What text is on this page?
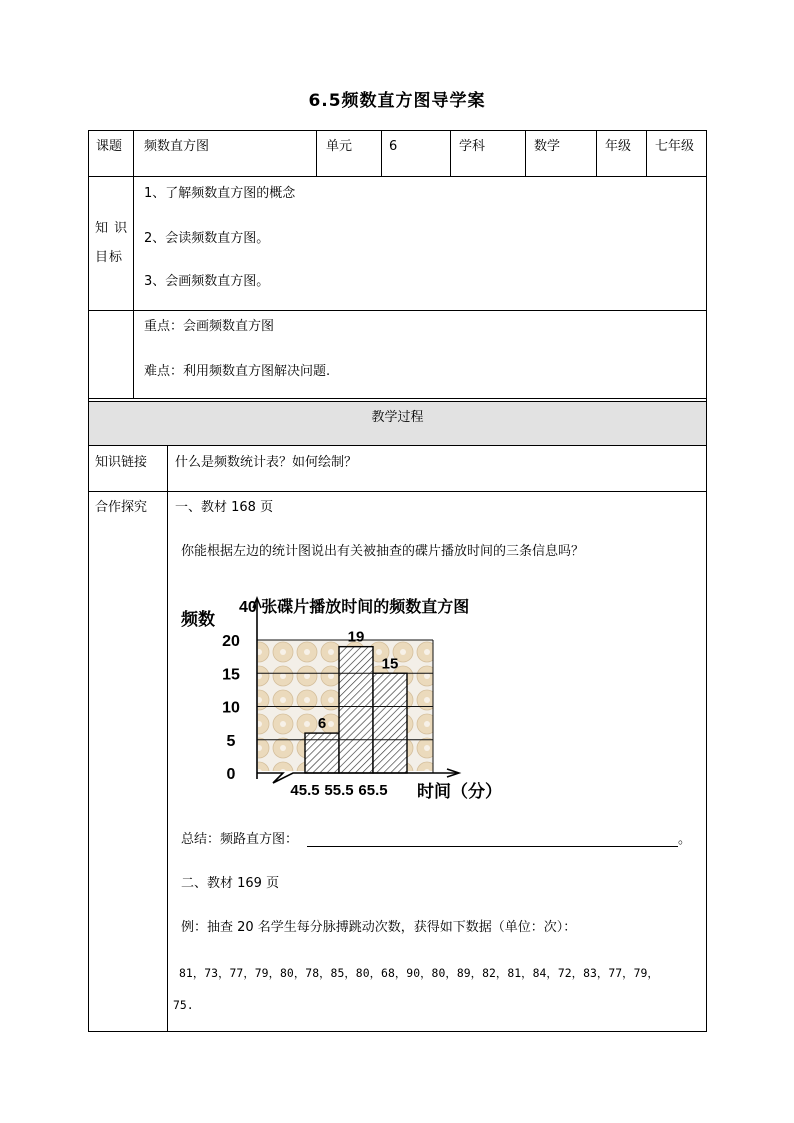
6.5频数直方图导学案
课题 频数直方图	单元	6	学科	数学	年级 七年级
知 识
目标
1、了解频数直方图的概念
2、会读频数直方图。
3、会画频数直方图。
重点：会画频数直方图
难点：利用频数直方图解决问题.
教学过程
知识链接 什么是频数统计表？如何绘制？
合作探究 一、教材 168 页
你能根据左边的统计图说出有关被抽查的碟片播放时间的三条信息吗？
6
19
15
0
5
10
15
20
45.5 55.5 65.5
频数
时间（分）
40 张碟片播放时间的频数直方图
总结：频路直方图：	。
二、教材 169 页
例：抽查 20 名学生每分脉搏跳动次数，获得如下数据（单位：次）：
81，73，77，79，80，78，85，80，68，90，80，89，82，81，84，72，83，77，79，
75.
